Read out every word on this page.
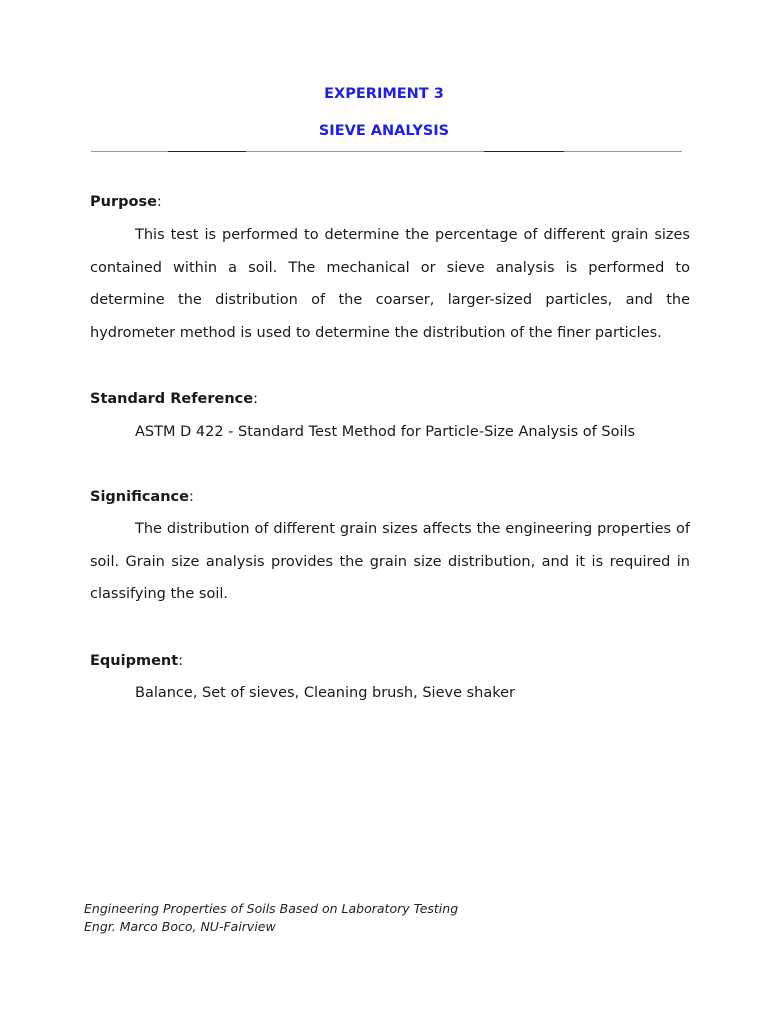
EXPERIMENT 3
SIEVE ANALYSIS
Purpose:

This test is performed to determine the percentage of different grain sizes contained within a soil. The mechanical or sieve analysis is performed to determine the distribution of the coarser, larger-sized particles, and the hydrometer method is used to determine the distribution of the finer particles.

Standard Reference:
ASTM D 422 - Standard Test Method for Particle-Size Analysis of Soils
Significance:

The distribution of different grain sizes affects the engineering properties of soil. Grain size analysis provides the grain size distribution, and it is required in classifying the soil.

Equipment:
Balance, Set of sieves, Cleaning brush, Sieve shaker
Engineering Properties of Soils Based on Laboratory Testing
Engr. Marco Boco, NU-Fairview
